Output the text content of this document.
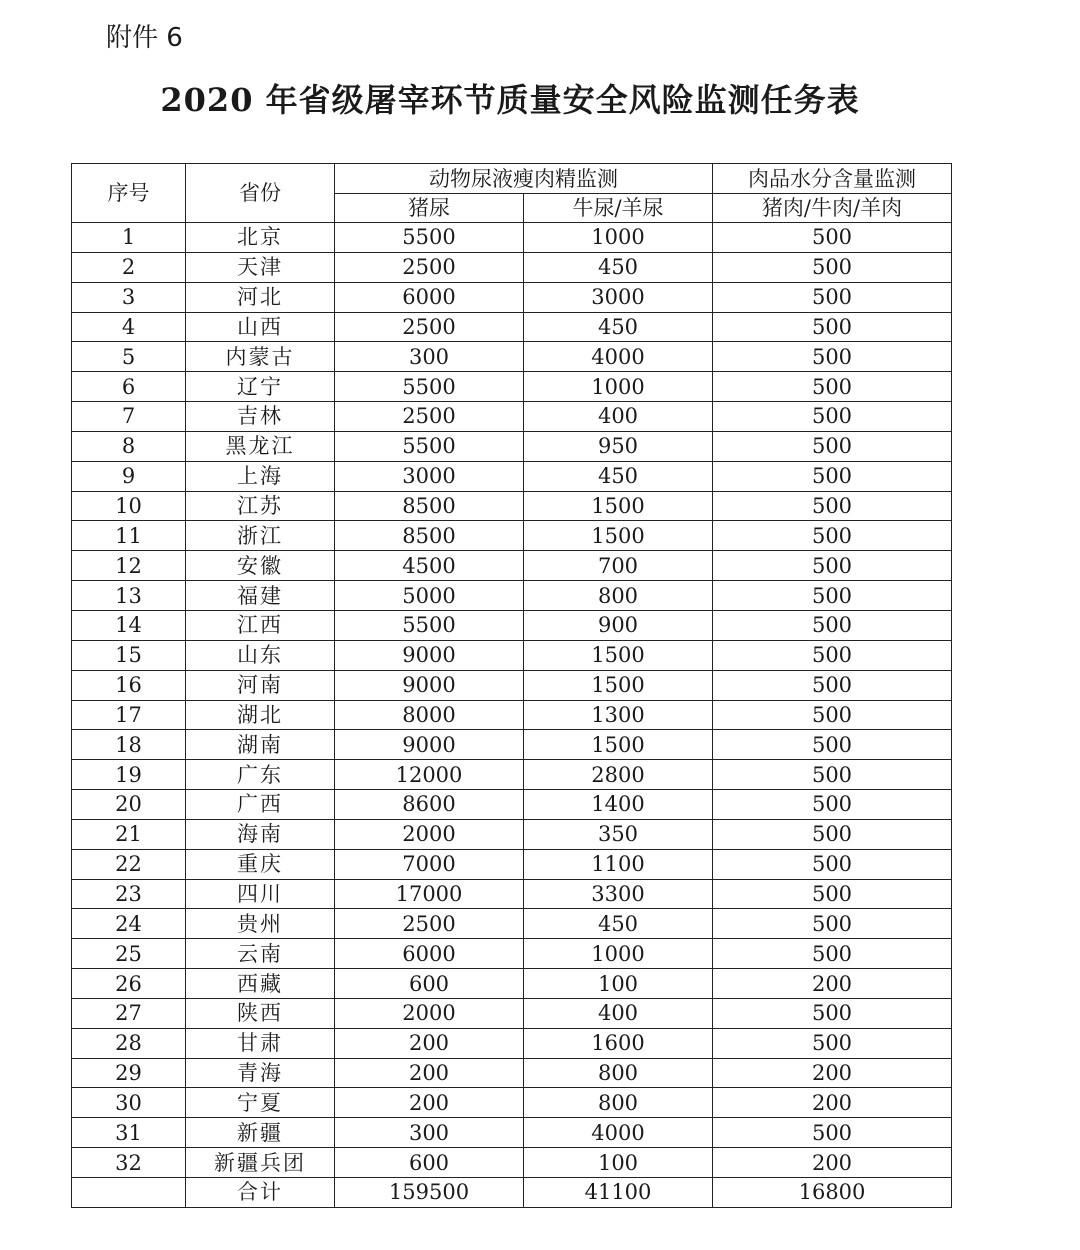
附件 6
2020 年省级屠宰环节质量安全风险监测任务表
序号	省份	动物尿液瘦肉精监测		肉品水分含量监测
		猪尿	牛尿/羊尿	猪肉/牛肉/羊肉
1	北京	5500	1000	500
2	天津	2500	450	500
3	河北	6000	3000	500
4	山西	2500	450	500
5	内蒙古	300	4000	500
6	辽宁	5500	1000	500
7	吉林	2500	400	500
8	黑龙江	5500	950	500
9	上海	3000	450	500
10	江苏	8500	1500	500
11	浙江	8500	1500	500
12	安徽	4500	700	500
13	福建	5000	800	500
14	江西	5500	900	500
15	山东	9000	1500	500
16	河南	9000	1500	500
17	湖北	8000	1300	500
18	湖南	9000	1500	500
19	广东	12000	2800	500
20	广西	8600	1400	500
21	海南	2000	350	500
22	重庆	7000	1100	500
23	四川	17000	3300	500
24	贵州	2500	450	500
25	云南	6000	1000	500
26	西藏	600	100	200
27	陕西	2000	400	500
28	甘肃	200	1600	500
29	青海	200	800	200
30	宁夏	200	800	200
31	新疆	300	4000	500
32	新疆兵团	600	100	200
	合计	159500	41100	16800
